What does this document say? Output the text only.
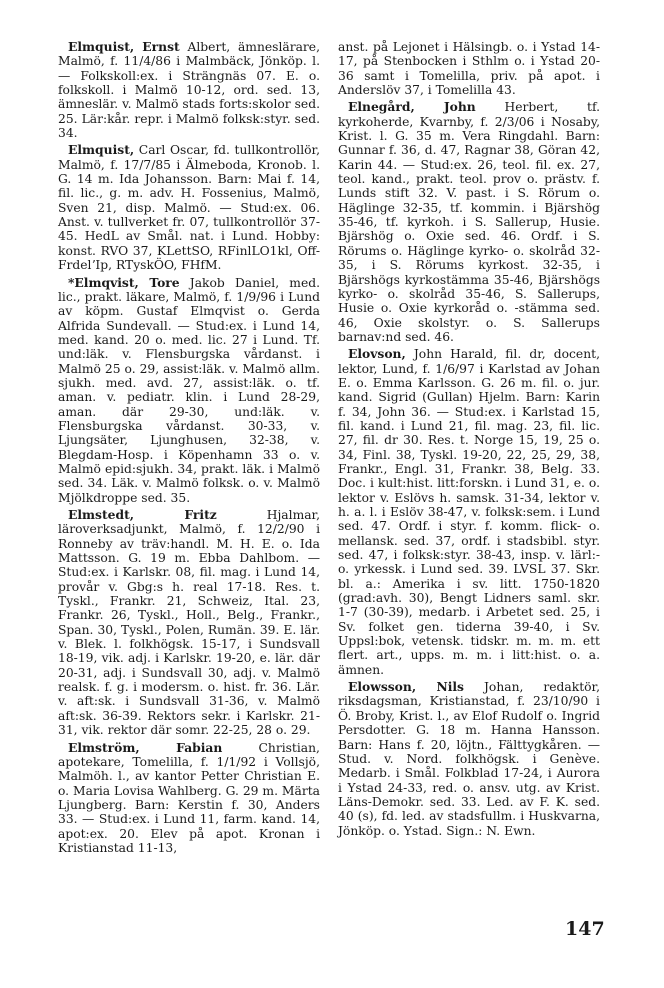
Elmquist, Ernst Albert, ämneslärare, Malmö, f. 11/4/86 i Malmbäck, Jönköp. l. — Folkskoll:ex. i Strängnäs 07. E. o. folkskoll. i Malmö 10-12, ord. sed. 13, ämneslär. v. Malmö stads forts:skolor sed. 25. Lär:kår. repr. i Malmö folksk:styr. sed. 34.

Elmquist, Carl Oscar, fd. tullkontrollör, Malmö, f. 17/7/85 i Älmeboda, Kronob. l. G. 14 m. Ida Johansson. Barn: Mai f. 14, fil. lic., g. m. adv. H. Fossenius, Malmö, Sven 21, disp. Malmö. — Stud:ex. 06. Anst. v. tullverket fr. 07, tullkontrollör 37-45. HedL av Smål. nat. i Lund. Hobby: konst. RVO 37, KLettSO, RFinlLO1kl, Off-FrdelʼIp, RTyskÖO, FHfM.

*Elmqvist, Tore Jakob Daniel, med. lic., prakt. läkare, Malmö, f. 1/9/96 i Lund av köpm. Gustaf Elmqvist o. Gerda Alfrida Sundevall. — Stud:ex. i Lund 14, med. kand. 20 o. med. lic. 27 i Lund. Tf. und:läk. v. Flensburgska vårdanst. i Malmö 25 o. 29, assist:läk. v. Malmö allm. sjukh. med. avd. 27, assist:läk. o. tf. aman. v. pediatr. klin. i Lund 28-29, aman. där 29-30, und:läk. v. Flensburgska vårdanst. 30-33, v. Ljungsäter, Ljunghusen, 32-38, v. Blegdam-Hosp. i Köpenhamn 33 o. v. Malmö epid:sjukh. 34, prakt. läk. i Malmö sed. 34. Läk. v. Malmö folksk. o. v. Malmö Mjölkdroppe sed. 35.

Elmstedt, Fritz	Hjalmar, läroverksadjunkt, Malmö, f. 12/2/90 i Ronneby av träv:handl. M. H. E. o. Ida Mattsson. G. 19 m. Ebba Dahlbom. — Stud:ex. i Karlskr. 08, fil. mag. i Lund 14, provår v. Gbg:s h. real 17-18. Res. t. Tyskl., Frankr. 21, Schweiz, Ital. 23, Frankr. 26, Tyskl., Holl., Belg., Frankr., Span. 30, Tyskl., Polen, Rumän. 39. E. lär. v. Blek. l. folkhögsk. 15-17, i Sundsvall 18-19, vik. adj. i Karlskr. 19-20, e. lär. där 20-31, adj. i Sundsvall 30, adj. v. Malmö realsk. f. g. i modersm. o. hist. fr. 36. Lär. v. aft:sk. i Sundsvall 31-36, v. Malmö aft:sk. 36-39. Rektors sekr. i Karlskr. 21-31, vik. rektor där somr. 22-25, 28 o. 29.

Elmström, Fabian	Christian, apotekare, Tomelilla, f. 1/1/92 i Vollsjö, Malmöh. l., av kantor Petter Christian E. o. Maria Lovisa Wahlberg. G. 29 m. Märta Ljungberg. Barn: Kerstin f. 30, Anders 33. — Stud:ex. i Lund 11, farm. kand. 14, apot:ex. 20. Elev på apot. Kronan i Kristianstad 11-13,

anst. på Lejonet i Hälsingb. o. i Ystad 14-17, på Stenbocken i Sthlm o. i Ystad 20-36 samt i Tomelilla, priv. på apot. i Anderslöv 37, i Tomelilla 43.

Elnegård, John Herbert, tf. kyrkoherde, Kvarnby, f. 2/3/06 i Nosaby, Krist. l. G. 35 m. Vera Ringdahl. Barn: Gunnar f. 36, d. 47, Ragnar 38, Göran 42, Karin 44. — Stud:ex. 26, teol. fil. ex. 27, teol. kand., prakt. teol. prov o. prästv. f. Lunds stift 32. V. past. i S. Rörum o. Häglinge 32-35, tf. kommin. i Bjärshög 35-46, tf. kyrkoh. i S. Sallerup, Husie. Bjärshög o. Oxie sed. 46. Ordf. i S. Rörums o. Häglinge kyrko- o. skolråd 32-35, i S. Rörums kyrkost. 32-35, i Bjärshögs kyrkostämma 35-46, Bjärshögs kyrko- o. skolråd 35-46, S. Sallerups, Husie o. Oxie kyrkoråd o. -stämma sed. 46, Oxie skolstyr. o. S. Sallerups barnav:nd sed. 46.

Elovson, John Harald, fil. dr, docent, lektor, Lund, f. 1/6/97 i Karlstad av Johan E. o. Emma Karlsson. G. 26 m. fil. o. jur. kand. Sigrid (Gullan) Hjelm. Barn: Karin f. 34, John 36. — Stud:ex. i Karlstad 15, fil. kand. i Lund 21, fil. mag. 23, fil. lic. 27, fil. dr 30. Res. t. Norge 15, 19, 25 o. 34, Finl. 38, Tyskl. 19-20, 22, 25, 29, 38, Frankr., Engl. 31, Frankr. 38, Belg. 33. Doc. i kult:hist. litt:forskn. i Lund 31, e. o. lektor v. Eslövs h. samsk. 31-34, lektor v. h. a. l. i Eslöv 38-47, v. folksk:sem. i Lund sed. 47. Ordf. i styr. f. komm. flick- o. mellansk. sed. 37, ordf. i stadsbibl. styr. sed. 47, i folksk:styr. 38-43, insp. v. lärl:- o. yrkessk. i Lund sed. 39. LVSL 37. Skr. bl. a.: Amerika i sv. litt. 1750-1820 (grad:avh. 30), Bengt Lidners saml. skr. 1-7 (30-39), medarb. i Arbetet sed. 25, i Sv. folket gen. tiderna 39-40, i Sv. Uppsl:bok, vetensk. tidskr. m. m. m. ett flert. art., upps. m. m. i litt:hist. o. a. ämnen.

Elowsson, Nils Johan, redaktör, riksdagsman, Kristianstad, f. 23/10/90 i Ö. Broby, Krist. l., av Elof Rudolf o. Ingrid Persdotter. G. 18 m. Hanna Hansson. Barn: Hans f. 20, löjtn., Fälttygkåren. — Stud. v. Nord. folkhögsk. i Genève. Medarb. i Smål. Folkblad 17-24, i Aurora i Ystad 24-33, red. o. ansv. utg. av Krist. Läns-Demokr. sed. 33. Led. av F. K. sed. 40 (s), fd. led. av stadsfullm. i Huskvarna, Jönköp. o. Ystad. Sign.: N. Ewn.

147
